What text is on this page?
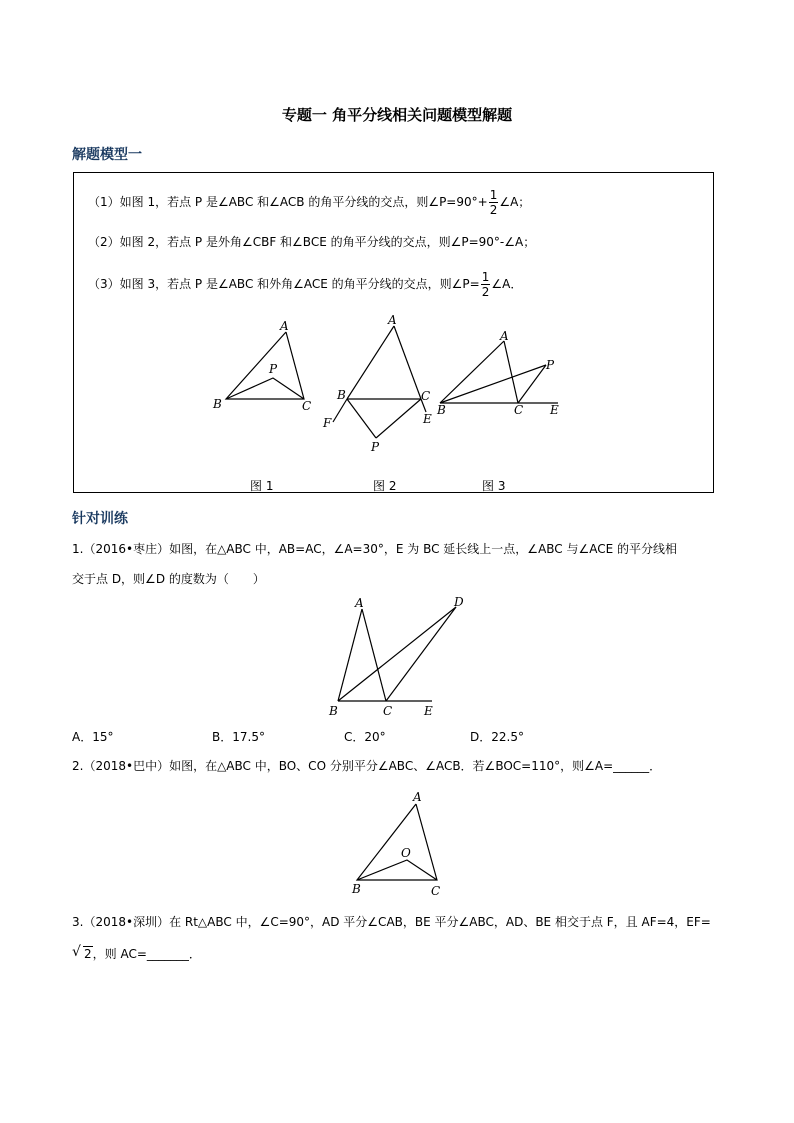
专题一 角平分线相关问题模型解题
解题模型一
（1）如图 1，若点 P 是∠ABC 和∠ACB 的角平分线的交点，则∠P=90°+ $\frac{1}{2}$ ∠A；
（2）如图 2，若点 P 是外角∠CBF 和∠BCE 的角平分线的交点，则∠P=90°-∠A；
（3）如图 3，若点 P 是∠ABC 和外角∠ACE 的角平分线的交点，则∠P= $\frac{1}{2}$ ∠A．
A
B	C
P
A
B	C
F	E
P
A
B	C
P
E
图 1	图 2	图 3
针对训练
1.（2016•枣庄）如图，在△ABC 中，AB=AC，∠A=30°，E 为 BC 延长线上一点，∠ABC 与∠ACE 的平分线相
交于点 D，则∠D 的度数为（　　）
A	D
B	C	E
A．15°	B．17.5°	C．20°	D．22.5°
2.（2018•巴中）如图，在△ABC 中，BO、CO 分别平分∠ABC、∠ACB．若∠BOC=110°，则∠A=______．
A
O
B	C
3.（2018•深圳）在 Rt△ABC 中，∠C=90°，AD 平分∠CAB，BE 平分∠ABC，AD、BE 相交于点 F，且 AF=4，EF=
√ 2，则 AC=_______．
